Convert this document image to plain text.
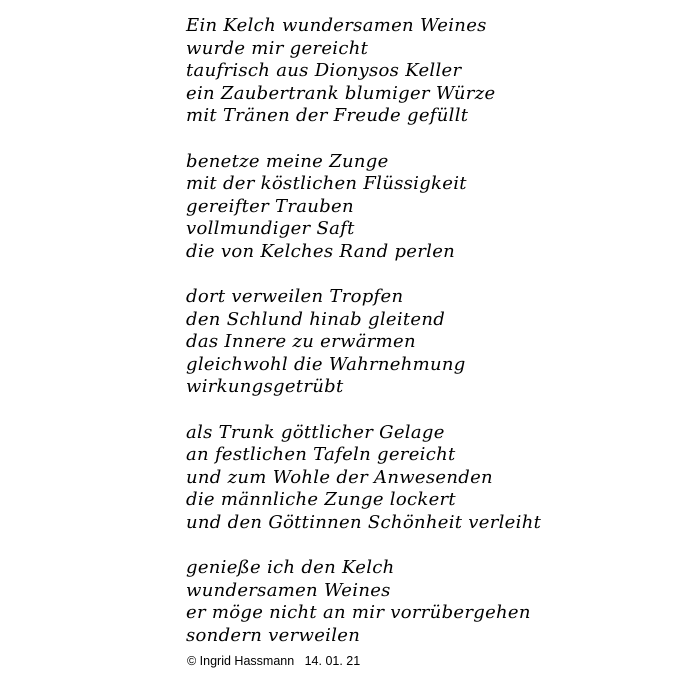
Ein Kelch wundersamen Weines
wurde mir gereicht
taufrisch aus Dionysos Keller
ein Zaubertrank blumiger Würze
mit Tränen der Freude gefüllt
benetze meine Zunge
mit der köstlichen Flüssigkeit
gereifter Trauben
vollmundiger Saft
die von Kelches Rand perlen
dort verweilen Tropfen
den Schlund hinab gleitend
das Innere zu erwärmen
gleichwohl die Wahrnehmung
wirkungsgetrübt
als Trunk göttlicher Gelage
an festlichen Tafeln gereicht
und zum Wohle der Anwesenden
die männliche Zunge lockert
und den Göttinnen Schönheit verleiht
genieße ich den Kelch
wundersamen Weines
er möge nicht an mir vorrübergehen
sondern verweilen
© Ingrid Hassmann   14. 01. 21
